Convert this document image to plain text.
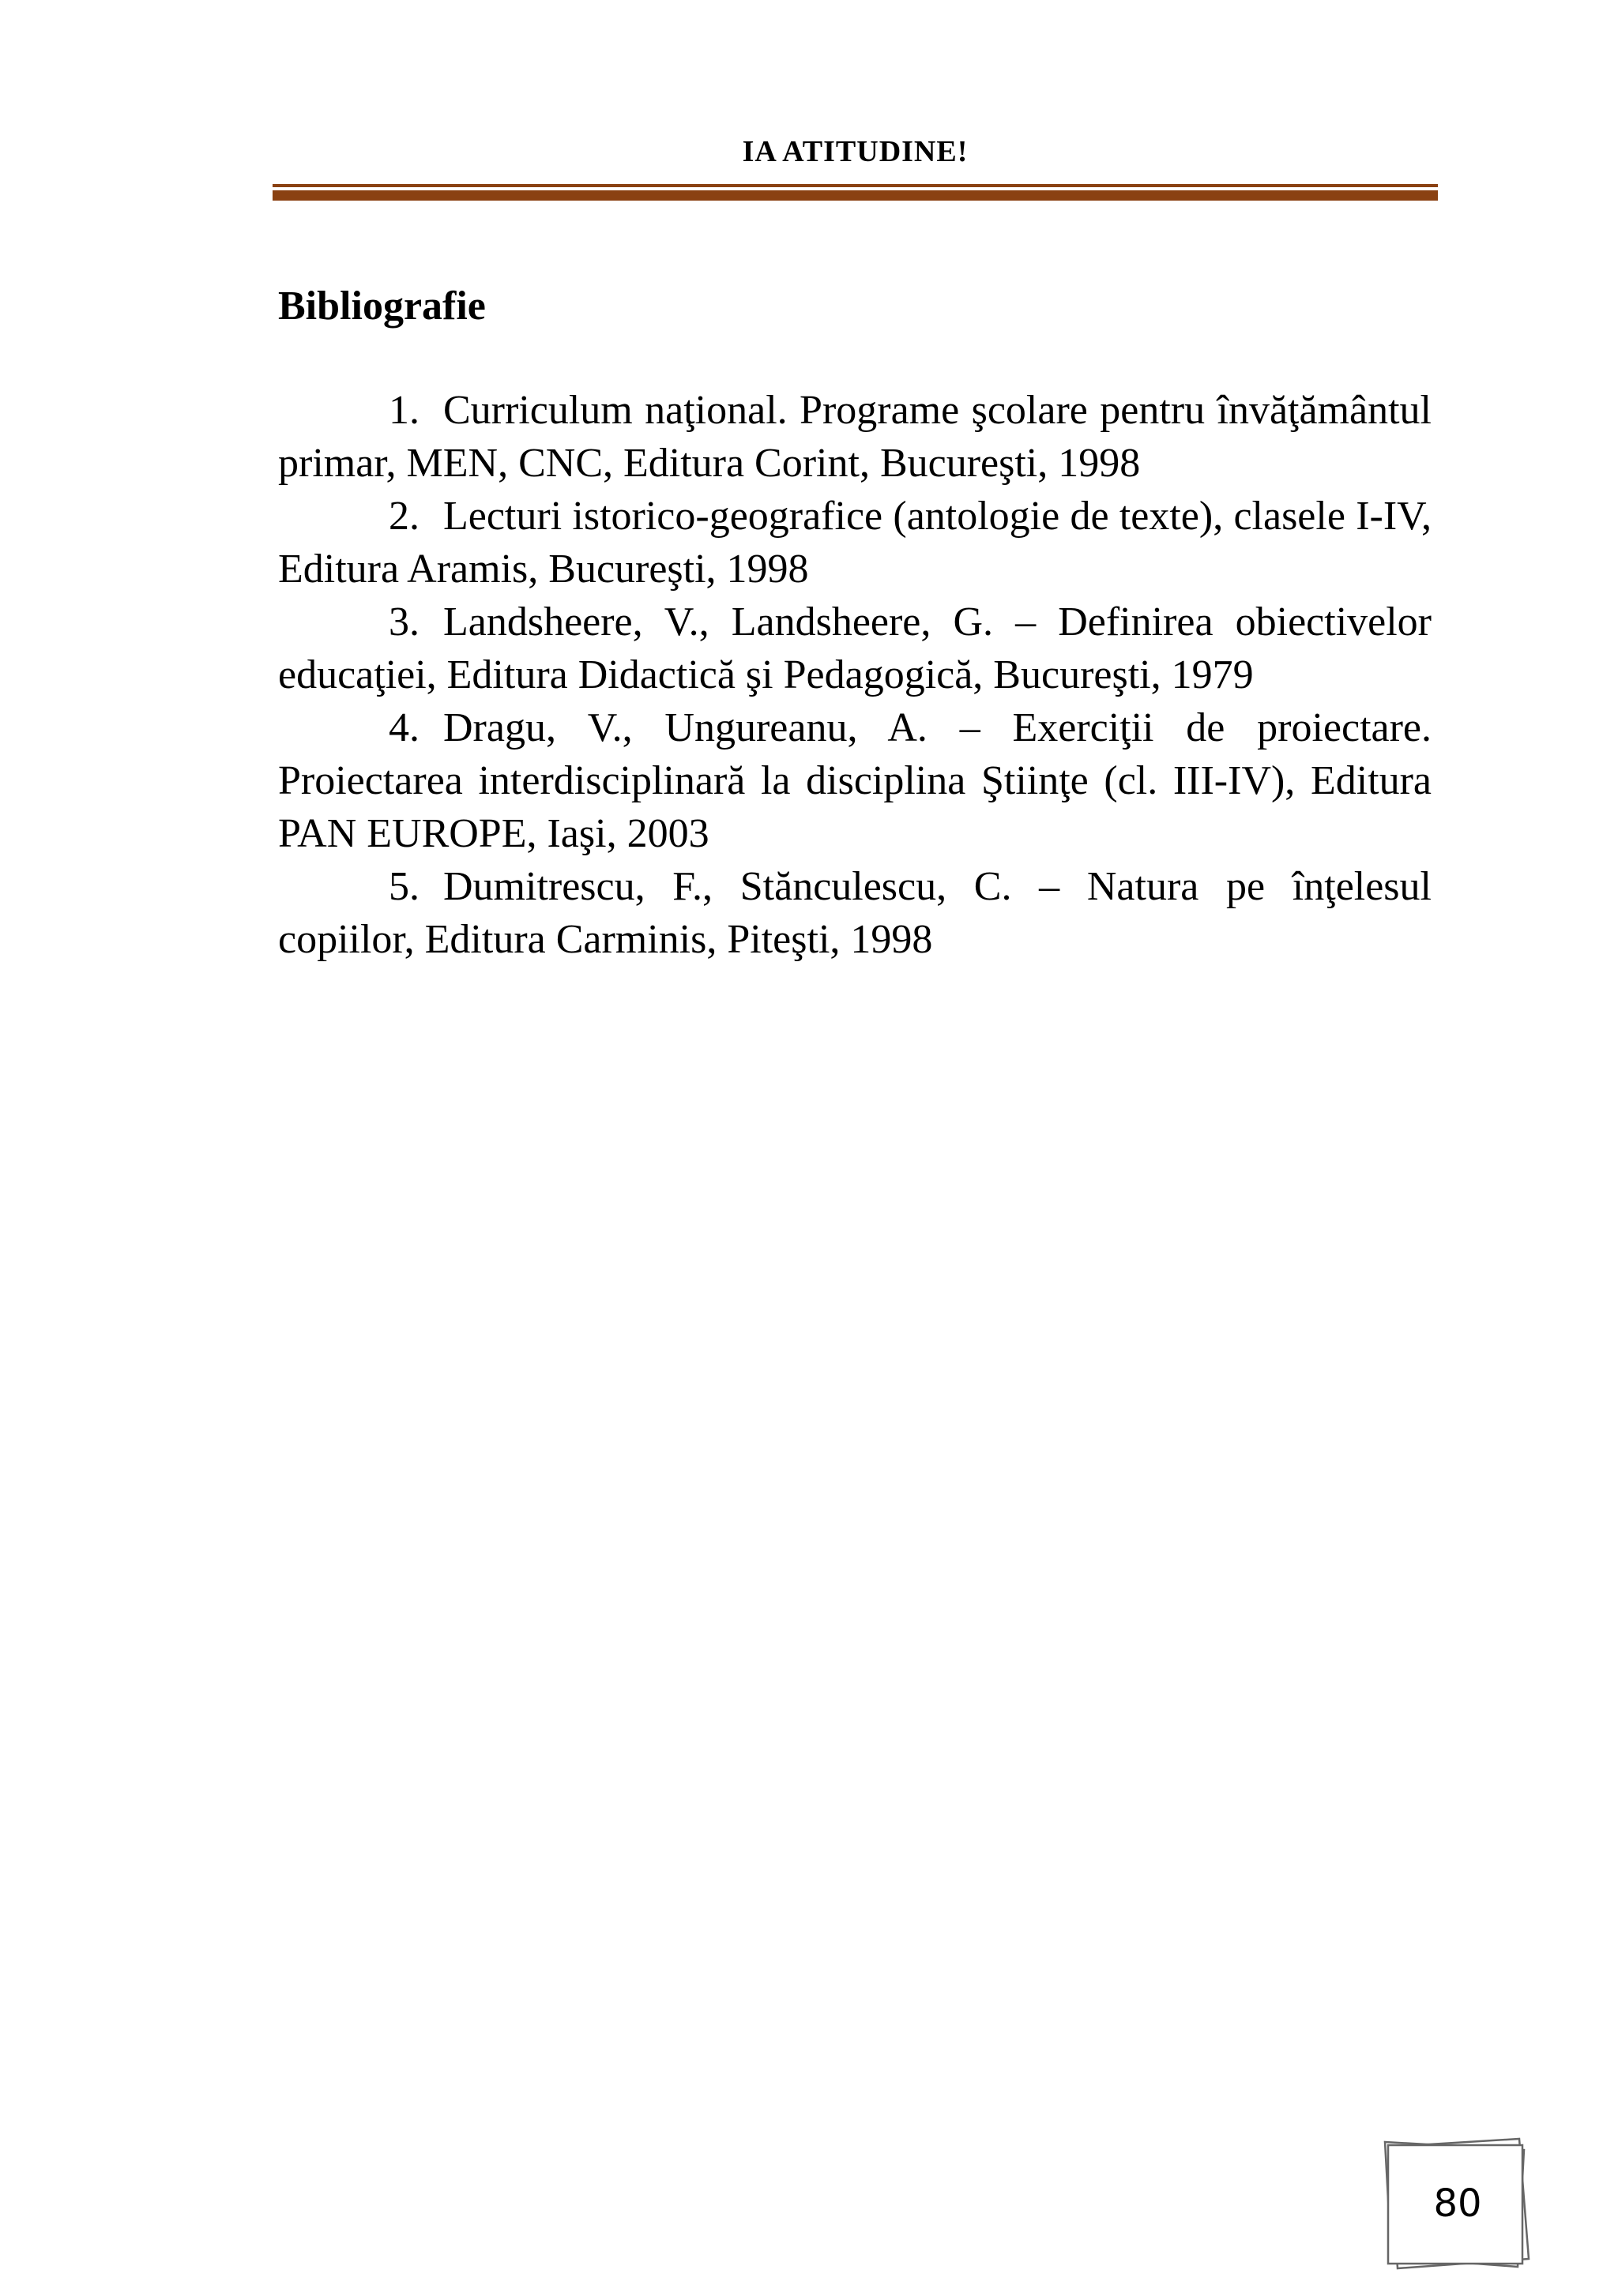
IA ATITUDINE!
Bibliografie
1. Curriculum naţional. Programe şcolare pentru învăţământul primar, MEN, CNC, Editura Corint, Bucureşti, 1998
2. Lecturi istorico-geografice (antologie de texte), clasele I-IV, Editura Aramis, Bucureşti, 1998
3. Landsheere, V., Landsheere, G. – Definirea obiectivelor educaţiei, Editura Didactică şi Pedagogică, Bucureşti, 1979
4. Dragu, V., Ungureanu, A. – Exerciţii de proiectare. Proiectarea interdisciplinară la disciplina Ştiinţe (cl. III-IV), Editura PAN EUROPE, Iaşi, 2003
5. Dumitrescu, F., Stănculescu, C. – Natura pe înţelesul copiilor, Editura Carminis, Piteşti, 1998
80
